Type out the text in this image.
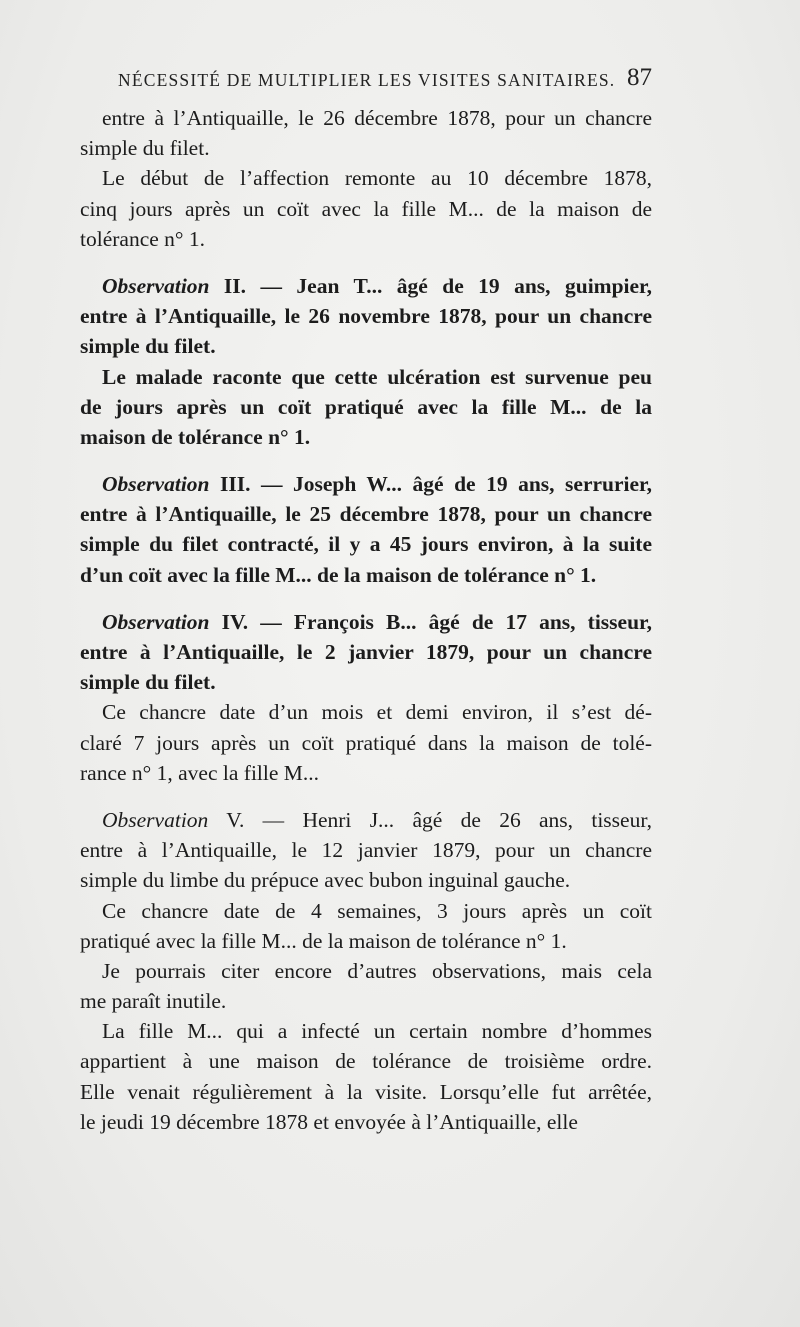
NÉCESSITÉ DE MULTIPLIER LES VISITES SANITAIRES. 87
entre à l’Antiquaille, le 26 décembre 1878, pour un chancre
simple du filet.
Le début de l’affection remonte au 10 décembre 1878,
cinq jours après un coït avec la fille M... de la maison de
tolérance n° 1.
Observation II. — Jean T... âgé de 19 ans, guimpier,
entre à l’Antiquaille, le 26 novembre 1878, pour un chancre
simple du filet.
Le malade raconte que cette ulcération est survenue peu
de jours après un coït pratiqué avec la fille M... de la
maison de tolérance n° 1.
Observation III. — Joseph W... âgé de 19 ans, serrurier,
entre à l’Antiquaille, le 25 décembre 1878, pour un chancre
simple du filet contracté, il y a 45 jours environ, à la suite
d’un coït avec la fille M... de la maison de tolérance n° 1.
Observation IV. — François B... âgé de 17 ans, tisseur,
entre à l’Antiquaille, le 2 janvier 1879, pour un chancre
simple du filet.
Ce chancre date d’un mois et demi environ, il s’est dé-
claré 7 jours après un coït pratiqué dans la maison de tolé-
rance n° 1, avec la fille M...
Observation V. — Henri J... âgé de 26 ans, tisseur,
entre à l’Antiquaille, le 12 janvier 1879, pour un chancre
simple du limbe du prépuce avec bubon inguinal gauche.
Ce chancre date de 4 semaines, 3 jours après un coït
pratiqué avec la fille M... de la maison de tolérance n° 1.
Je pourrais citer encore d’autres observations, mais cela
me paraît inutile.
La fille M... qui a infecté un certain nombre d’hommes
appartient à une maison de tolérance de troisième ordre.
Elle venait régulièrement à la visite. Lorsqu’elle fut arrêtée,
le jeudi 19 décembre 1878 et envoyée à l’Antiquaille, elle
